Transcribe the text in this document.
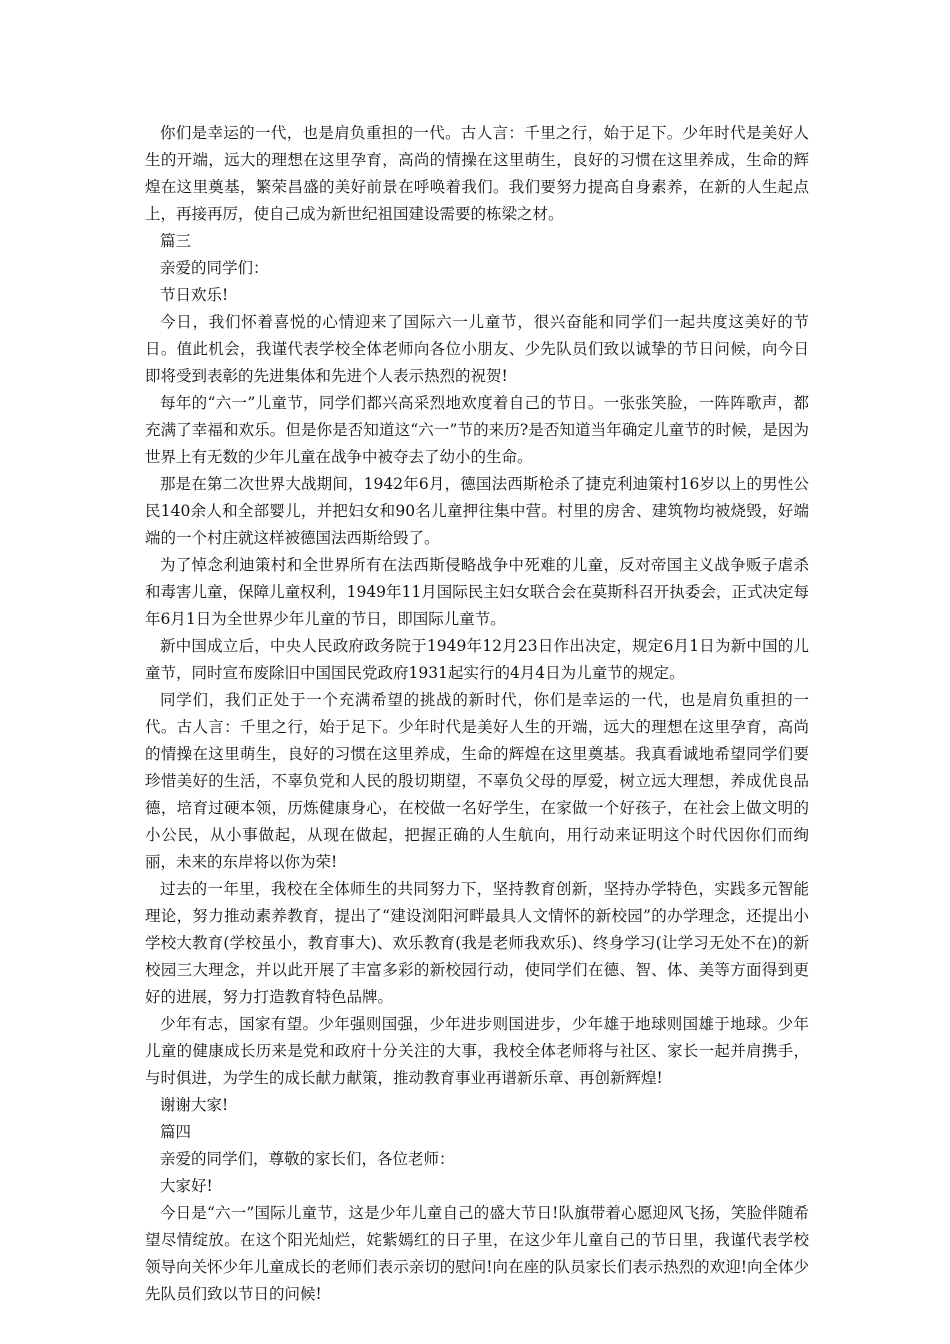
你们是幸运的一代，也是肩负重担的一代。古人言：千里之行，始于足下。少年时代是美好人生的开端，远大的理想在这里孕育，高尚的情操在这里萌生，良好的习惯在这里养成，生命的辉煌在这里奠基，繁荣昌盛的美好前景在呼唤着我们。我们要努力提高自身素养，在新的人生起点上，再接再厉，使自己成为新世纪祖国建设需要的栋梁之材。

篇三

亲爱的同学们：

节日欢乐!

今日，我们怀着喜悦的心情迎来了国际六一儿童节，很兴奋能和同学们一起共度这美好的节日。值此机会，我谨代表学校全体老师向各位小朋友、少先队员们致以诚挚的节日问候，向今日即将受到表彰的先进集体和先进个人表示热烈的祝贺!

每年的“六一”儿童节，同学们都兴高采烈地欢度着自己的节日。一张张笑脸，一阵阵歌声，都充满了幸福和欢乐。但是你是否知道这“六一”节的来历?是否知道当年确定儿童节的时候，是因为世界上有无数的少年儿童在战争中被夺去了幼小的生命。

那是在第二次世界大战期间，1942年6月，德国法西斯枪杀了捷克利迪策村16岁以上的男性公民140余人和全部婴儿，并把妇女和90名儿童押往集中营。村里的房舍、建筑物均被烧毁，好端端的一个村庄就这样被德国法西斯给毁了。

为了悼念利迪策村和全世界所有在法西斯侵略战争中死难的儿童，反对帝国主义战争贩子虐杀和毒害儿童，保障儿童权利，1949年11月国际民主妇女联合会在莫斯科召开执委会，正式决定每年6月1日为全世界少年儿童的节日，即国际儿童节。

新中国成立后，中央人民政府政务院于1949年12月23日作出决定，规定6月1日为新中国的儿童节，同时宣布废除旧中国国民党政府1931起实行的4月4日为儿童节的规定。

同学们，我们正处于一个充满希望的挑战的新时代，你们是幸运的一代，也是肩负重担的一代。古人言：千里之行，始于足下。少年时代是美好人生的开端，远大的理想在这里孕育，高尚的情操在这里萌生，良好的习惯在这里养成，生命的辉煌在这里奠基。我真看诚地希望同学们要珍惜美好的生活，不辜负党和人民的殷切期望，不辜负父母的厚爱，树立远大理想，养成优良品德，培育过硬本领，历炼健康身心，在校做一名好学生，在家做一个好孩子，在社会上做文明的小公民，从小事做起，从现在做起，把握正确的人生航向，用行动来证明这个时代因你们而绚丽，未来的东岸将以你为荣!

过去的一年里，我校在全体师生的共同努力下，坚持教育创新，坚持办学特色，实践多元智能理论，努力推动素养教育，提出了“建设浏阳河畔最具人文情怀的新校园”的办学理念，还提出小学校大教育(学校虽小，教育事大)、欢乐教育(我是老师我欢乐)、终身学习(让学习无处不在)的新校园三大理念，并以此开展了丰富多彩的新校园行动，使同学们在德、智、体、美等方面得到更好的进展，努力打造教育特色品牌。

少年有志，国家有望。少年强则国强，少年进步则国进步，少年雄于地球则国雄于地球。少年儿童的健康成长历来是党和政府十分关注的大事，我校全体老师将与社区、家长一起并肩携手，与时俱进，为学生的成长献力献策，推动教育事业再谱新乐章、再创新辉煌!

谢谢大家!

篇四

亲爱的同学们，尊敬的家长们，各位老师：

大家好!

今日是“六一”国际儿童节，这是少年儿童自己的盛大节日!队旗带着心愿迎风飞扬，笑脸伴随希望尽情绽放。在这个阳光灿烂，姹紫嫣红的日子里，在这少年儿童自己的节日里，我谨代表学校领导向关怀少年儿童成长的老师们表示亲切的慰问!向在座的队员家长们表示热烈的欢迎!向全体少先队员们致以节日的问候!
